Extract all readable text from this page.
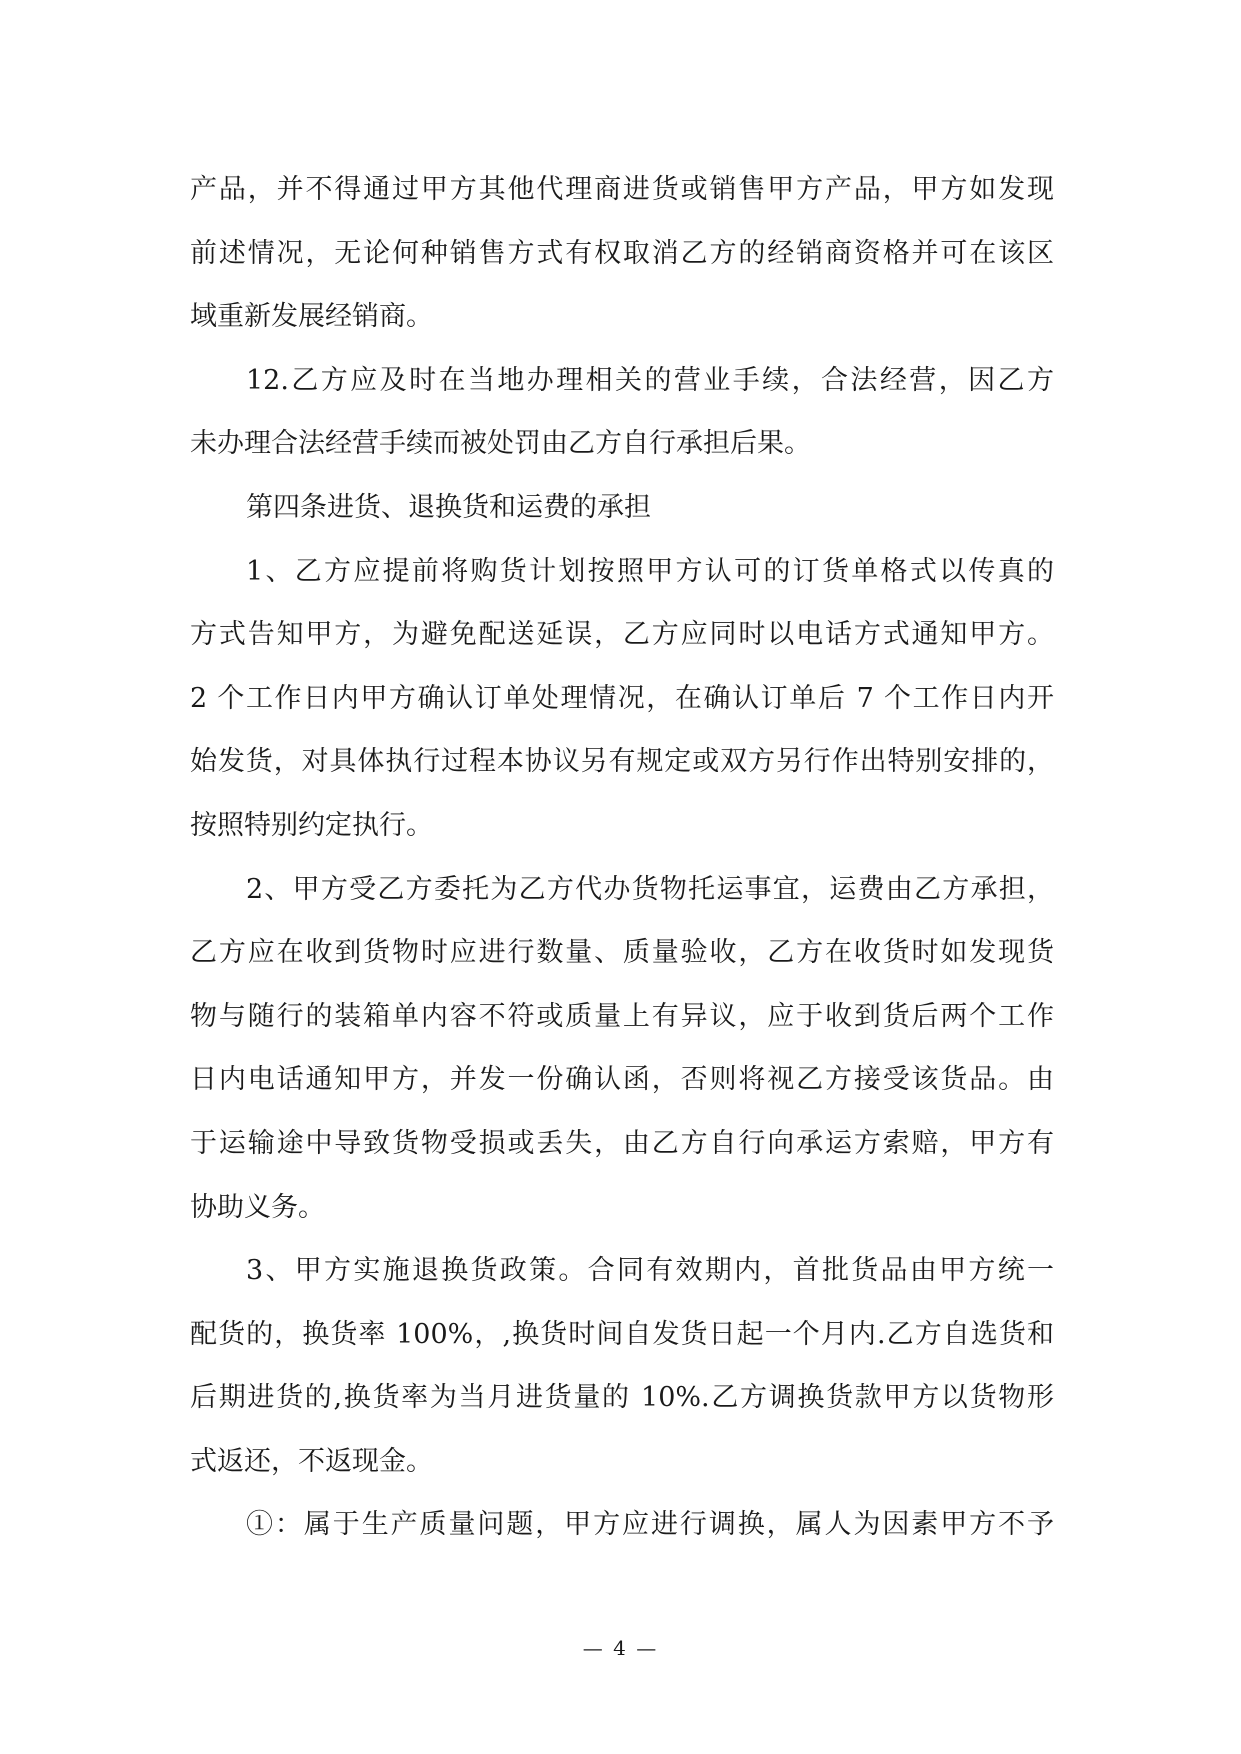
产品，并不得通过甲方其他代理商进货或销售甲方产品，甲方如发现
前述情况，无论何种销售方式有权取消乙方的经销商资格并可在该区
域重新发展经销商。
12.乙方应及时在当地办理相关的营业手续，合法经营，因乙方
未办理合法经营手续而被处罚由乙方自行承担后果。
第四条进货、退换货和运费的承担
1、乙方应提前将购货计划按照甲方认可的订货单格式以传真的
方式告知甲方，为避免配送延误，乙方应同时以电话方式通知甲方。
2 个工作日内甲方确认订单处理情况，在确认订单后 7 个工作日内开
始发货，对具体执行过程本协议另有规定或双方另行作出特别安排的，
按照特别约定执行。
2、甲方受乙方委托为乙方代办货物托运事宜，运费由乙方承担，
乙方应在收到货物时应进行数量、质量验收，乙方在收货时如发现货
物与随行的装箱单内容不符或质量上有异议，应于收到货后两个工作
日内电话通知甲方，并发一份确认函，否则将视乙方接受该货品。由
于运输途中导致货物受损或丢失，由乙方自行向承运方索赔，甲方有
协助义务。
3、甲方实施退换货政策。合同有效期内，首批货品由甲方统一
配货的，换货率 100%，,换货时间自发货日起一个月内.乙方自选货和
后期进货的,换货率为当月进货量的 10%.乙方调换货款甲方以货物形
式返还，不返现金。
①：属于生产质量问题，甲方应进行调换，属人为因素甲方不予
— 4 —
